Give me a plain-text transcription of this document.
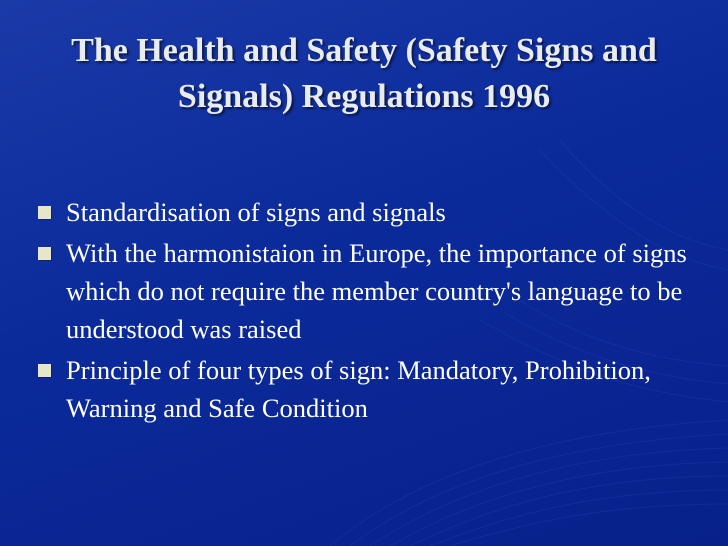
The Health and Safety (Safety Signs and Signals) Regulations 1996
Standardisation of signs and signals
With the harmonistaion in Europe, the importance of signs which do not require the member country's language to be understood was raised
Principle of four types of sign: Mandatory, Prohibition, Warning and Safe Condition
